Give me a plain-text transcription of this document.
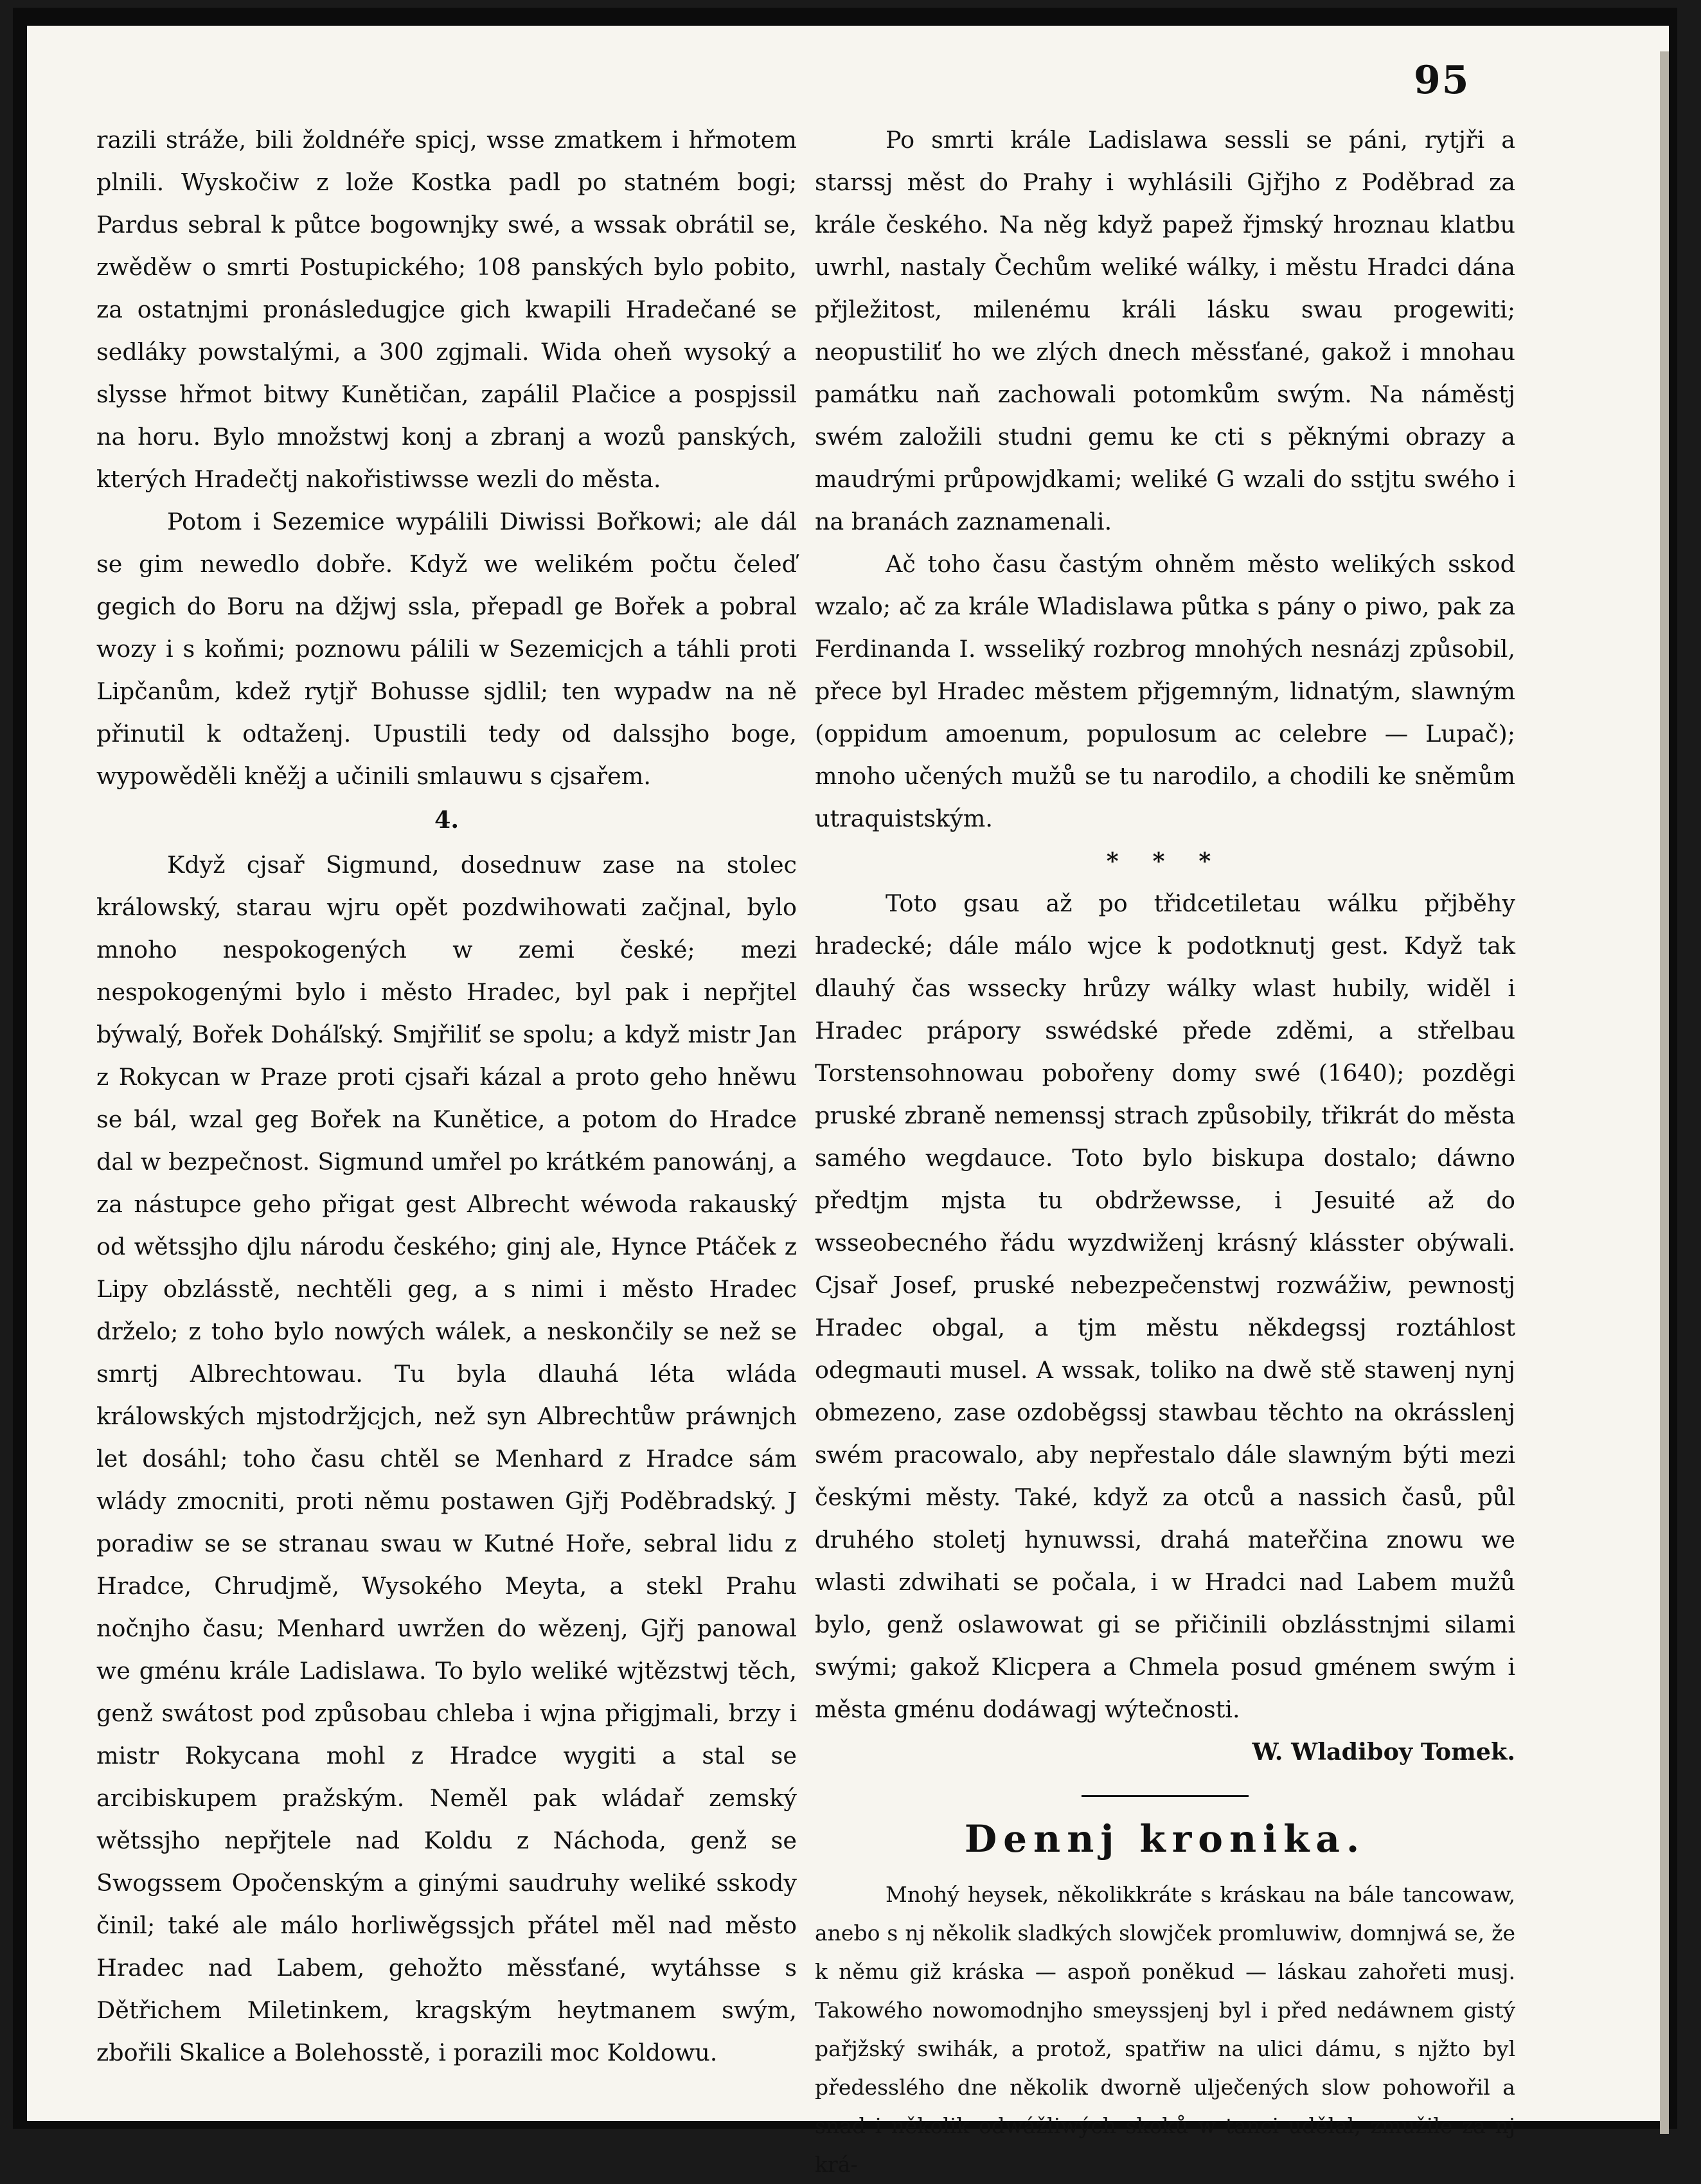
95

razili stráže, bili žoldnéře spicj, wsse zmatkem i hřmotem plnili. Wyskočiw z lože Kostka padl po statném bogi; Pardus sebral k půtce bogownjky swé, a wssak obrátil se, zwěděw o smrti Postupického; 108 panských bylo pobito, za ostatnjmi pronásledugjce gich kwapili Hradečané se sedláky powstalými, a 300 zgjmali. Wida oheň wysoký a slysse hřmot bitwy Kunětičan, zapálil Plačice a pospjssil na horu. Bylo množstwj konj a zbranj a wozů panských, kterých Hradečtj nakořistiwsse wezli do města.

Potom i Sezemice wypálili Diwissi Bořkowi; ale dál se gim newedlo dobře. Když we welikém počtu čeleď gegich do Boru na džjwj ssla, přepadl ge Bořek a pobral wozy i s koňmi; poznowu pálili w Sezemicjch a táhli proti Lipčanům, kdež rytjř Bohusse sjdlil; ten wypadw na ně přinutil k odtaženj. Upustili tedy od dalssjho boge, wypowěděli kněžj a učinili smlauwu s cjsařem.

4.

Když cjsař Sigmund, dosednuw zase na stolec králowský, starau wjru opět pozdwihowati začjnal, bylo mnoho nespokogených w zemi české; mezi nespokogenými bylo i město Hradec, byl pak i nepřjtel býwalý, Bořek Doháľský. Smjřiliť se spolu; a když mistr Jan z Rokycan w Praze proti cjsaři kázal a proto geho hněwu se bál, wzal geg Bořek na Kunětice, a potom do Hradce dal w bezpečnost. Sigmund umřel po krátkém panowánj, a za nástupce geho přigat gest Albrecht wéwoda rakauský od wětssjho djlu národu českého; ginj ale, Hynce Ptáček z Lipy obzlásstě, nechtěli geg, a s nimi i město Hradec drželo; z toho bylo nowých wálek, a neskončily se než se smrtj Albrechtowau. Tu byla dlauhá léta wláda králowských mjstodržjcjch, než syn Albrechtůw práwnjch let dosáhl; toho času chtěl se Menhard z Hradce sám wlády zmocniti, proti němu postawen Gjřj Poděbradský. J poradiw se se stranau swau w Kutné Hoře, sebral lidu z Hradce, Chrudjmě, Wysokého Meyta, a stekl Prahu nočnjho času; Menhard uwržen do wězenj, Gjřj panowal we gménu krále Ladislawa. To bylo weliké wjtězstwj těch, genž swátost pod způsobau chleba i wjna přigjmali, brzy i mistr Rokycana mohl z Hradce wygiti a stal se arcibiskupem pražským. Neměl pak wládař zemský wětssjho nepřjtele nad Koldu z Náchoda, genž se Swogssem Opočenským a ginými saudruhy weliké sskody činil; také ale málo horliwěgssjch přátel měl nad město Hradec nad Labem, gehožto měssťané, wytáhsse s Dětřichem Miletinkem, kragským heytmanem swým, zbořili Skalice a Bolehosstě, i porazili moc Koldowu.

Po smrti krále Ladislawa sessli se páni, rytjři a starssj měst do Prahy i wyhlásili Gjřjho z Poděbrad za krále českého. Na něg když papež řjmský hroznau klatbu uwrhl, nastaly Čechům weliké wálky, i městu Hradci dána přjležitost, milenému králi lásku swau progewiti; neopustiliť ho we zlých dnech měssťané, gakož i mnohau památku naň zachowali potomkům swým. Na náměstj swém založili studni gemu ke cti s pěknými obrazy a maudrými průpowjdkami; weliké G wzali do sstjtu swého i na branách zaznamenali.

Ač toho času častým ohněm město welikých sskod wzalo; ač za krále Wladislawa půtka s pány o piwo, pak za Ferdinanda I. wsseliký rozbrog mnohých nesnázj způsobil, přece byl Hradec městem přjgemným, lidnatým, slawným (oppidum amoenum, populosum ac celebre — Lupač); mnoho učených mužů se tu narodilo, a chodili ke sněmům utraquistským.

* * *

Toto gsau až po třidcetiletau wálku přjběhy hradecké; dále málo wjce k podotknutj gest. Když tak dlauhý čas wssecky hrůzy wálky wlast hubily, widěl i Hradec prápory sswédské přede zděmi, a střelbau Torstensohnowau pobořeny domy swé (1640); pozděgi pruské zbraně nemenssj strach způsobily, třikrát do města samého wegdauce. Toto bylo biskupa dostalo; dáwno předtjm mjsta tu obdržewsse, i Jesuité až do wsseobecného řádu wyzdwiženj krásný klásster obýwali. Cjsař Josef, pruské nebezpečenstwj rozwážiw, pewnostj Hradec obgal, a tjm městu někdegssj roztáhlost odegmauti musel. A wssak, toliko na dwě stě stawenj nynj obmezeno, zase ozdoběgssj stawbau těchto na okrásslenj swém pracowalo, aby nepřestalo dále slawným býti mezi českými městy. Také, když za otců a nassich časů, půl druhého stoletj hynuwssi, drahá mateřčina znowu we wlasti zdwihati se počala, i w Hradci nad Labem mužů bylo, genž oslawowat gi se přičinili obzlásstnjmi silami swými; gakož Klicpera a Chmela posud gménem swým i města gménu dodáwagj wýtečnosti.

W. Wladiboy Tomek.

Dennj kronika.

Mnohý heysek, několikkráte s kráskau na bále tancowaw, anebo s nj několik sladkých slowjček promluwiw, domnjwá se, že k němu giž kráska — aspoň poněkud — láskau zahořeti musj. Takowého nowomodnjho smeyssjenj byl i před nedáwnem gistý pařjžský swihák, a protož, spatřiw na ulici dámu, s njžto byl předesslého dne několik dworně ulječených slow pohowořil a snad i několik odwážliwých skoků w tanci udělal, zmužile za nj krá-
